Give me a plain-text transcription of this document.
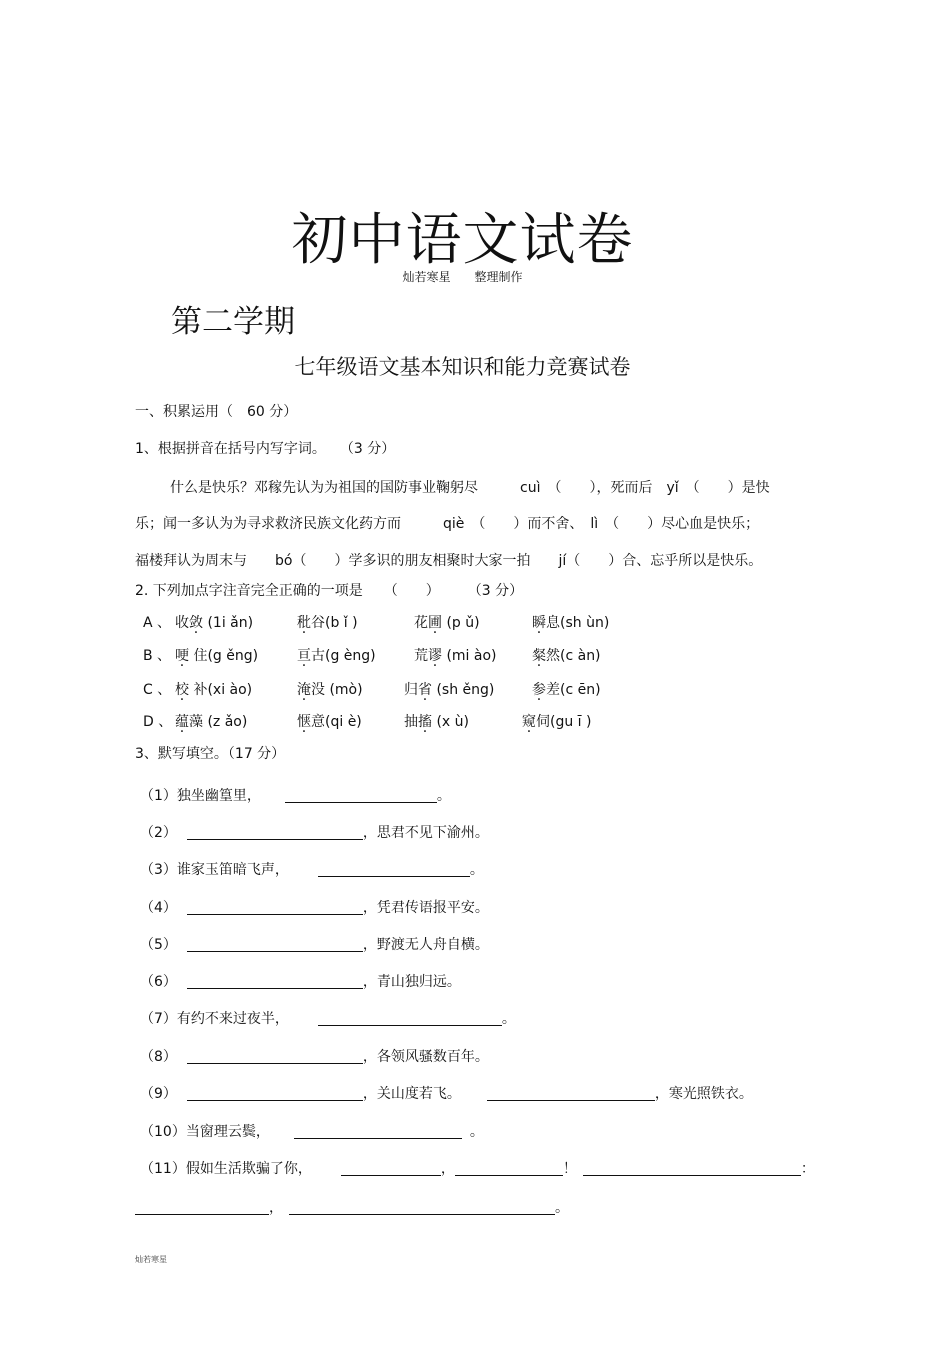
初中语文试卷
灿若寒星　　整理制作
第二学期
七年级语文基本知识和能力竞赛试卷
一、积累运用（　60 分）
1、根据拼音在括号内写字词。　　（3 分）
什么是快乐？邓稼先认为为祖国的国防事业鞠躬尽　　　cuì　（　　），死而后　yǐ　（　　）是快
乐；闻一多认为为寻求救济民族文化药方而　　　qiè　（　　）而不舍、　lì　（　　）尽心血是快乐；
福楼拜认为周末与　　bó（　　）学多识的朋友相聚时大家一拍　　jí（　　）合、忘乎所以是快乐。
2. 下列加点字注音完全正确的一项是　　（　　）　　　（3 分）
A 、 收敛 (1i ǎn)	秕谷(b ǐ )	花圃 (p ǔ)	瞬息(sh ùn)
B 、 哽 住(g ěng)	亘古(g èng)	荒谬 (mi ào)	粲然(c àn)
C 、 校 补(xi ào)	淹没 (mò)	归省 (sh ěng)	参差(c ēn)
D 、 蕴藻 (z ǎo)	惬意(qi è)	抽搐 (x ù)	窥伺(gu ī )
3、默写填空。（17 分）
（1）独坐幽篁里，	。
（2）	，思君不见下渝州。
（3）谁家玉笛暗飞声，	。
（4）	，凭君传语报平安。
（5）	，野渡无人舟自横。
（6）	，青山独归远。
（7）有约不来过夜半，	。
（8）	，各领风骚数百年。
（9）	，关山度若飞。	，寒光照铁衣。
（10）当窗理云鬓，	。
（11）假如生活欺骗了你，	，	！	：
，	。
灿若寒星
